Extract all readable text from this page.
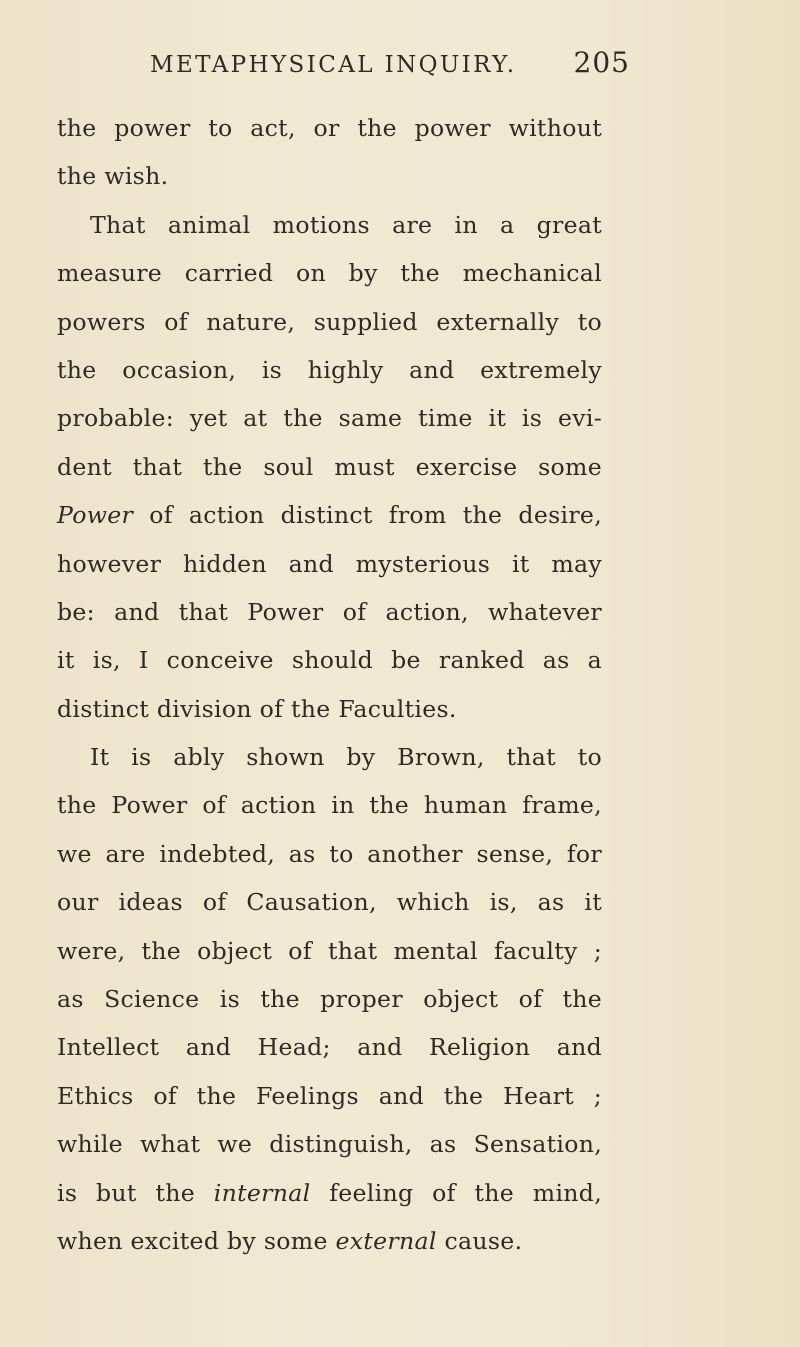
METAPHYSICAL INQUIRY. 205
the power to act, or the power without
the wish.
That animal motions are in a great
measure carried on by the mechanical
powers of nature, supplied externally to
the occasion, is highly and extremely
probable: yet at the same time it is evi-
dent that the soul must exercise some
Power of action distinct from the desire,
however hidden and mysterious it may
be: and that Power of action, whatever
it is, I conceive should be ranked as a
distinct division of the Faculties.
It is ably shown by Brown, that to
the Power of action in the human frame,
we are indebted, as to another sense, for
our ideas of Causation, which is, as it
were, the object of that mental faculty ;
as Science is the proper object of the
Intellect and Head; and Religion and
Ethics of the Feelings and the Heart ;
while what we distinguish, as Sensation,
is but the internal feeling of the mind,
when excited by some external cause.
